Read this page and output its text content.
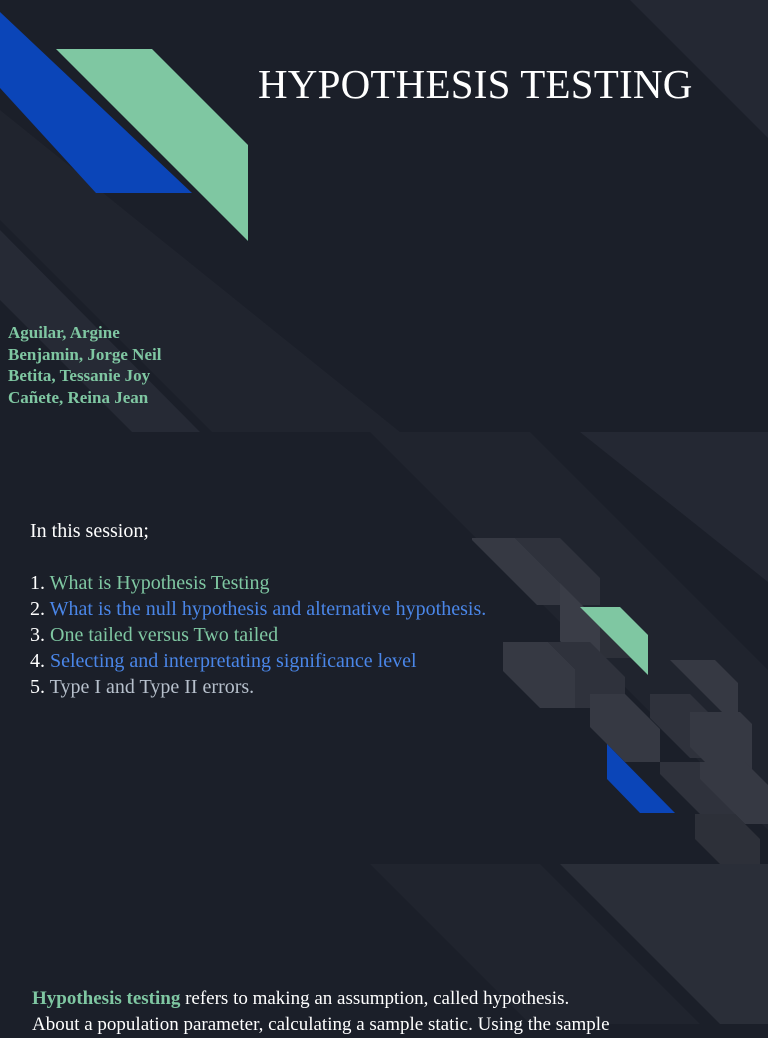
HYPOTHESIS TESTING
Aguilar, Argine
Benjamin, Jorge Neil
Betita, Tessanie Joy
Cañete, Reina Jean

In this session;

1. What is Hypothesis Testing
2. What is the null hypothesis and alternative hypothesis.
3. One tailed versus Two tailed
4. Selecting and interpretating significance level
5. Type I and Type II errors.
Hypothesis testing refers to making an assumption, called hypothesis.
About a population parameter, calculating a sample static. Using the sample
